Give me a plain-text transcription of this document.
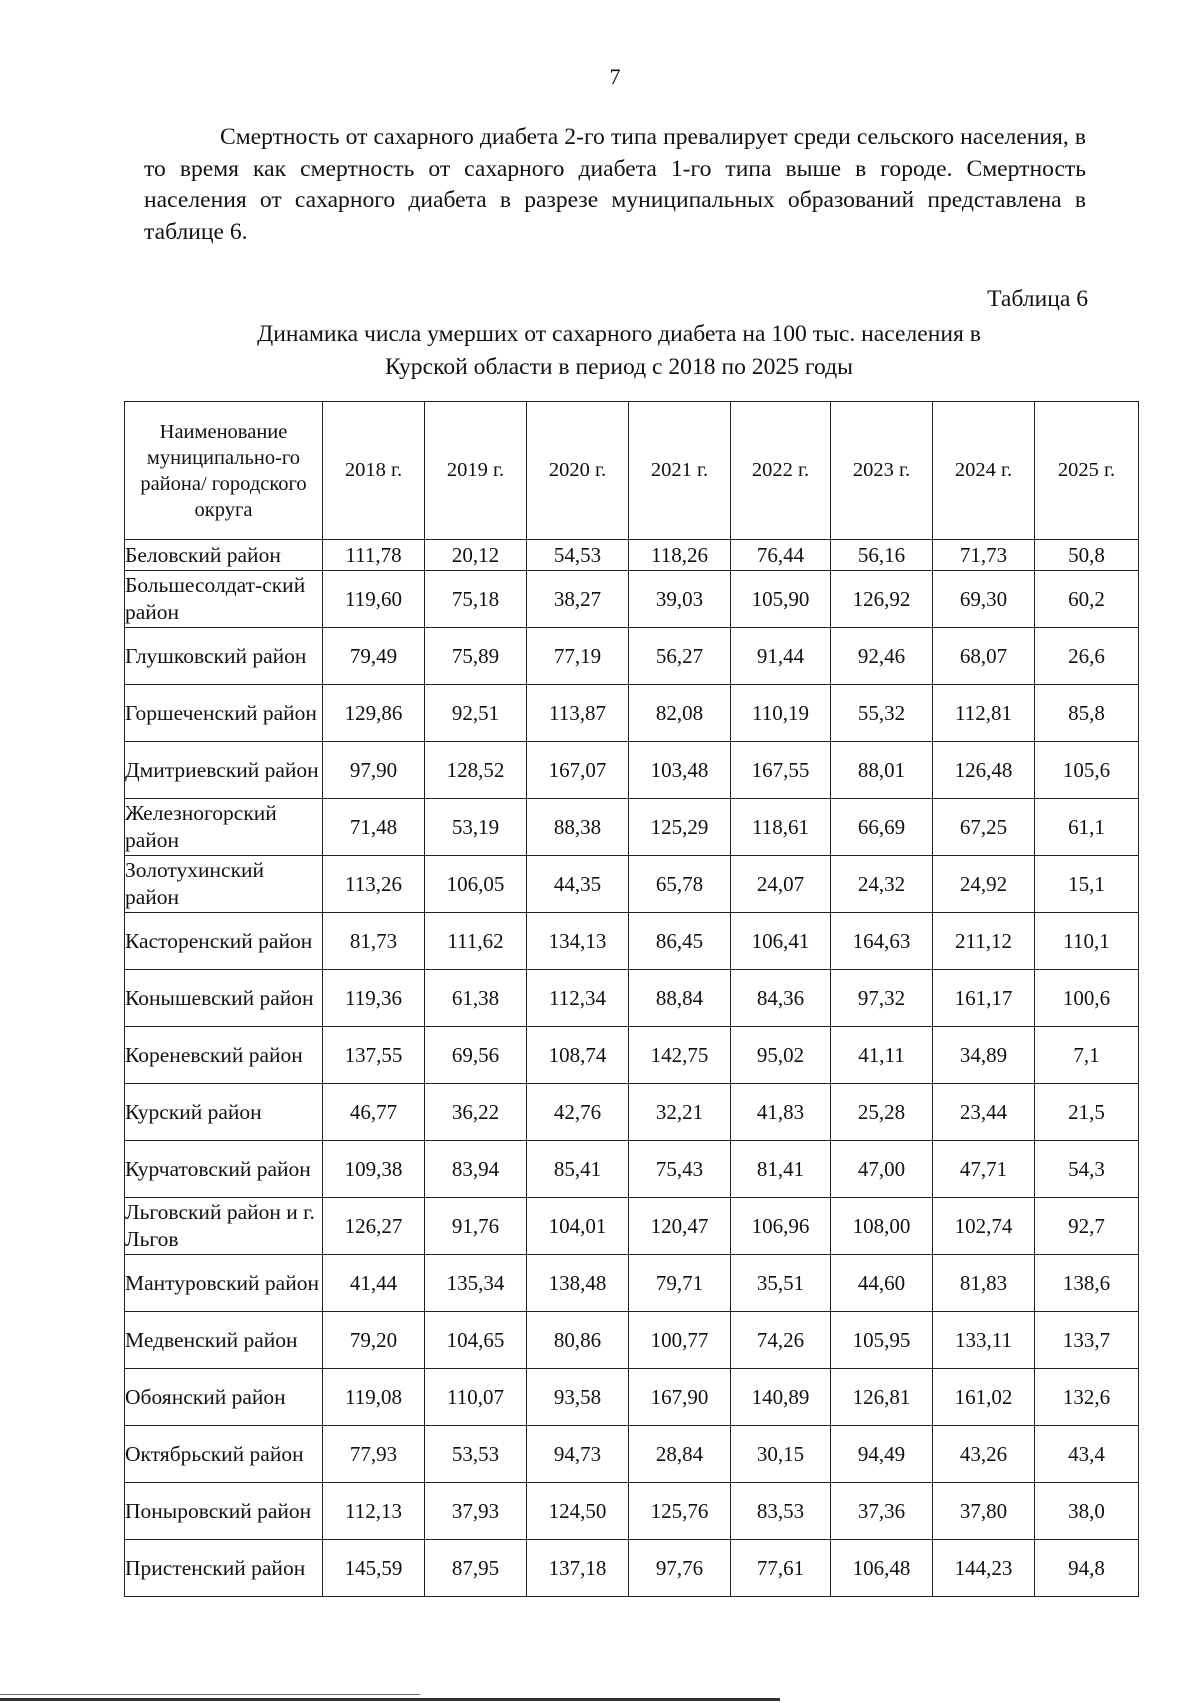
7

Смертность от сахарного диабета 2-го типа превалирует среди сельского населения, в то время как смертность от сахарного диабета 1-го типа выше в городе. Смертность населения от сахарного диабета в разрезе муниципальных образований представлена в таблице 6.

Таблица 6
Динамика числа умерших от сахарного диабета на 100 тыс. населения в
Курской области в период с 2018 по 2025 годы
Наименование муниципально-го района/ городского округа	2018 г.	2019 г.	2020 г.	2021 г.	2022 г.	2023 г.	2024 г.	2025 г.
Беловский район	111,78	20,12	54,53	118,26	76,44	56,16	71,73	50,8
Большесолдат-ский район	119,60	75,18	38,27	39,03	105,90	126,92	69,30	60,2
Глушковский район	79,49	75,89	77,19	56,27	91,44	92,46	68,07	26,6
Горшеченский район	129,86	92,51	113,87	82,08	110,19	55,32	112,81	85,8
Дмитриевский район	97,90	128,52	167,07	103,48	167,55	88,01	126,48	105,6
Железногорский район	71,48	53,19	88,38	125,29	118,61	66,69	67,25	61,1
Золотухинский район	113,26	106,05	44,35	65,78	24,07	24,32	24,92	15,1
Касторенский район	81,73	111,62	134,13	86,45	106,41	164,63	211,12	110,1
Конышевский район	119,36	61,38	112,34	88,84	84,36	97,32	161,17	100,6
Кореневский район	137,55	69,56	108,74	142,75	95,02	41,11	34,89	7,1
Курский район	46,77	36,22	42,76	32,21	41,83	25,28	23,44	21,5
Курчатовский район	109,38	83,94	85,41	75,43	81,41	47,00	47,71	54,3
Льговский район и г. Льгов	126,27	91,76	104,01	120,47	106,96	108,00	102,74	92,7
Мантуровский район	41,44	135,34	138,48	79,71	35,51	44,60	81,83	138,6
Медвенский район	79,20	104,65	80,86	100,77	74,26	105,95	133,11	133,7
Обоянский район	119,08	110,07	93,58	167,90	140,89	126,81	161,02	132,6
Октябрьский район	77,93	53,53	94,73	28,84	30,15	94,49	43,26	43,4
Поныровский район	112,13	37,93	124,50	125,76	83,53	37,36	37,80	38,0
Пристенский район	145,59	87,95	137,18	97,76	77,61	106,48	144,23	94,8
